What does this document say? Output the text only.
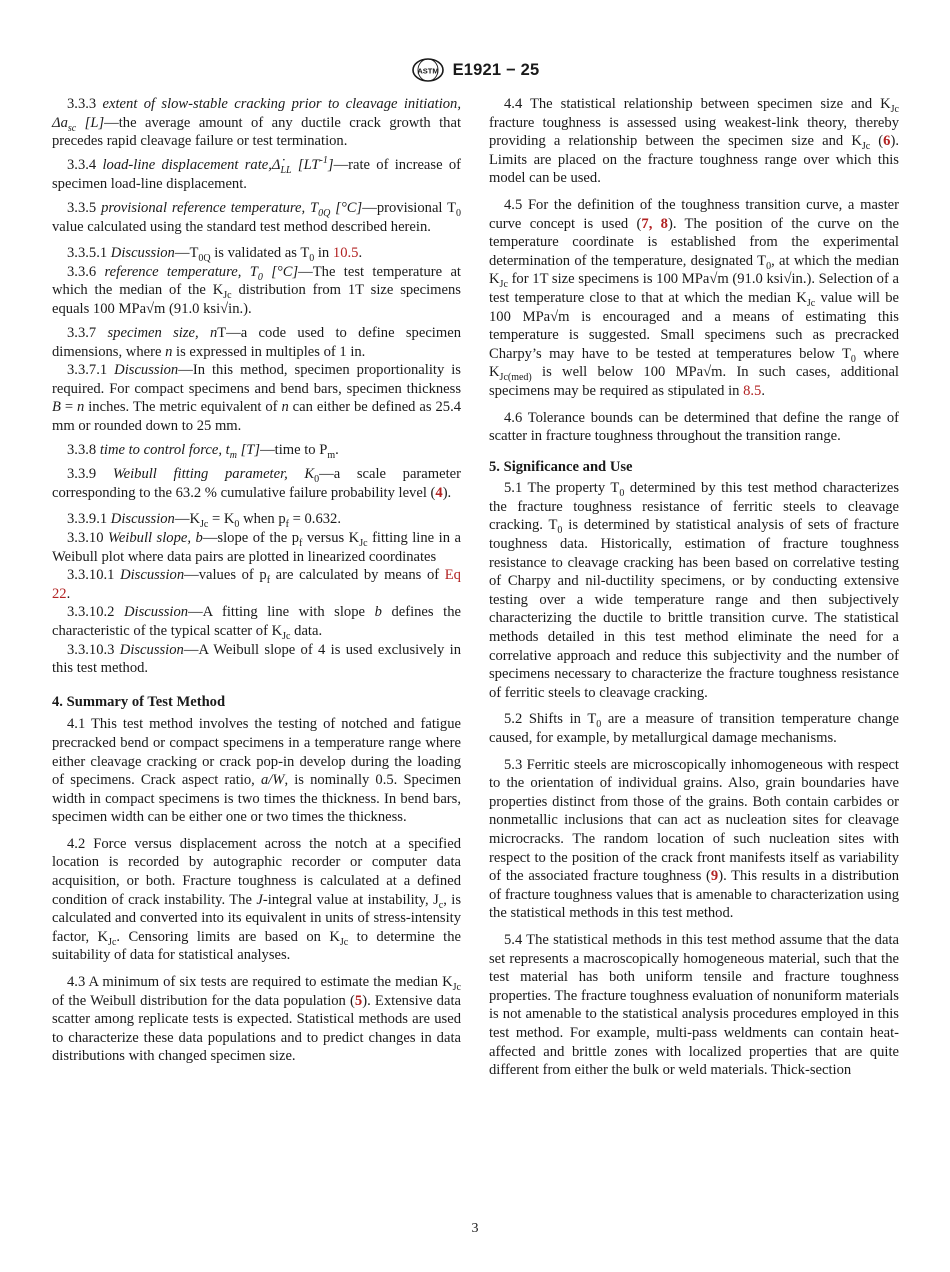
ASTM E1921 − 25

3.3.3 extent of slow-stable cracking prior to cleavage initiation, $\Delta a_{sc}$ [L]—the average amount of any ductile crack growth that precedes rapid cleavage failure or test termination.

3.3.4 load-line displacement $rate,\Deltȧ_{LL}$ $[LT^{-1}]—rate$ of increase of specimen load-line displacement.

3.3.5 provisional reference temperature, $T_{0Q}$ [°C]—provisional $T_0$ value calculated using the standard test method described herein.

3.3.5.1 $Discussion—T_{0Q}$ is validated as $T_0$ in 10.5.

3.3.6 reference temperature, $T_0$ [°C]—The test temperature at which the median of the $K_{Jc}$ distribution from 1T size specimens equals 100 MPa√m (91.0 ksi√in.).

3.3.7 specimen size, nT—a code used to define specimen dimensions, where n is expressed in multiples of 1 in.

3.3.7.1 Discussion—In this method, specimen proportionality is required. For compact specimens and bend bars, specimen thickness B = n inches. The metric equivalent of n can either be defined as 25.4 mm or rounded down to 25 mm.

3.3.8 time to control force, $t_m$ [T]—time to $P_m$.

3.3.9 Weibull fitting parameter, $K_0—a$ scale parameter corresponding to the 63.2 % cumulative failure probability level (4).

3.3.9.1 $Discussion—K_{Jc} = K_0$ when $p_f = 0.632$.

3.3.10 Weibull slope, b—slope of the $p_f$ versus $K_{Jc}$ fitting line in a Weibull plot where data pairs are plotted in linearized coordinates

3.3.10.1 Discussion—values of $p_f$ are calculated by means of Eq 22.

3.3.10.2 Discussion—A fitting line with slope b defines the characteristic of the typical scatter of $K_{Jc}$ data.

3.3.10.3 Discussion—A Weibull slope of 4 is used exclusively in this test method.

4. Summary of Test Method

4.1 This test method involves the testing of notched and fatigue precracked bend or compact specimens in a temperature range where either cleavage cracking or crack pop-in develop during the loading of specimens. Crack aspect ratio, a/W, is nominally 0.5. Specimen width in compact specimens is two times the thickness. In bend bars, specimen width can be either one or two times the thickness.

4.2 Force versus displacement across the notch at a specified location is recorded by autographic recorder or computer data acquisition, or both. Fracture toughness is calculated at a defined condition of crack instability. The J-integral value at instability, $J_c$, is calculated and converted into its equivalent in units of stress-intensity factor, $K_{Jc}$. Censoring limits are based on $K_{Jc}$ to determine the suitability of data for statistical analyses.

4.3 A minimum of six tests are required to estimate the median $K_{Jc}$ of the Weibull distribution for the data population (5). Extensive data scatter among replicate tests is expected. Statistical methods are used to characterize these data populations and to predict changes in data distributions with changed specimen size.

4.4 The statistical relationship between specimen size and $K_{Jc}$ fracture toughness is assessed using weakest-link theory, thereby providing a relationship between the specimen size and $K_{Jc}$ (6). Limits are placed on the fracture toughness range over which this model can be used.

4.5 For the definition of the toughness transition curve, a master curve concept is used (7, 8). The position of the curve on the temperature coordinate is established from the experimental determination of the temperature, designated $T_0$, at which the median $K_{Jc}$ for 1T size specimens is 100 MPa√m (91.0 ksi√in.). Selection of a test temperature close to that at which the median $K_{Jc}$ value will be 100 MPa√m is encouraged and a means of estimating this temperature is suggested. Small specimens such as precracked Charpy’s may have to be tested at temperatures below $T_0$ where $K_{Jc(med)}$ is well below 100 MPa√m. In such cases, additional specimens may be required as stipulated in 8.5.

4.6 Tolerance bounds can be determined that define the range of scatter in fracture toughness throughout the transition range.

5. Significance and Use

5.1 The property $T_0$ determined by this test method characterizes the fracture toughness resistance of ferritic steels to cleavage cracking. $T_0$ is determined by statistical analysis of sets of fracture toughness data. Historically, estimation of fracture toughness resistance to cleavage cracking has been based on correlative testing of Charpy and nil-ductility specimens, or by conducting extensive testing over a wide temperature range and then subjectively characterizing the ductile to brittle transition curve. The statistical methods detailed in this test method eliminate the need for a correlative approach and reduce this subjectivity and the number of specimens necessary to characterize the fracture toughness resistance of ferritic steels to cleavage cracking.

5.2 Shifts in $T_0$ are a measure of transition temperature change caused, for example, by metallurgical damage mechanisms.

5.3 Ferritic steels are microscopically inhomogeneous with respect to the orientation of individual grains. Also, grain boundaries have properties distinct from those of the grains. Both contain carbides or nonmetallic inclusions that can act as nucleation sites for cleavage microcracks. The random location of such nucleation sites with respect to the position of the crack front manifests itself as variability of the associated fracture toughness (9). This results in a distribution of fracture toughness values that is amenable to characterization using the statistical methods in this test method.

5.4 The statistical methods in this test method assume that the data set represents a macroscopically homogeneous material, such that the test material has both uniform tensile and fracture toughness properties. The fracture toughness evaluation of nonuniform materials is not amenable to the statistical analysis procedures employed in this test method. For example, multi-pass weldments can contain heat-affected and brittle zones with localized properties that are quite different from either the bulk or weld materials. Thick-section

3
